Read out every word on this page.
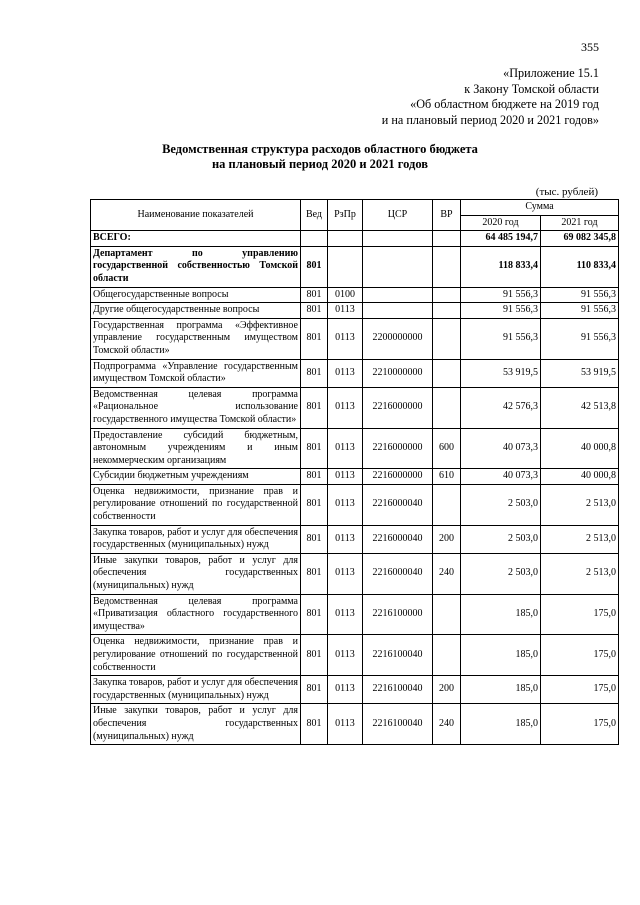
355
«Приложение 15.1
к Закону Томской области
«Об областном бюджете на 2019 год
и на плановый период 2020 и 2021 годов»
Ведомственная структура расходов областного бюджета
на плановый период 2020 и 2021 годов
(тыс. рублей)
Наименование показателей	Вед	РзПр	ЦСР	ВР	Сумма	
					2020 год	2021 год
ВСЕГО:					64 485 194,7	69 082 345,8
Департамент по управлению государственной собственностью Томской области	801				118 833,4	110 833,4
Общегосударственные вопросы	801	0100			91 556,3	91 556,3
Другие общегосударственные вопросы	801	0113			91 556,3	91 556,3
Государственная программа «Эффективное управление государственным имуществом Томской области»	801	0113	2200000000		91 556,3	91 556,3
Подпрограмма «Управление государственным имуществом Томской области»	801	0113	2210000000		53 919,5	53 919,5
Ведомственная целевая программа «Рациональное использование государственного имущества Томской области»	801	0113	2216000000		42 576,3	42 513,8
Предоставление субсидий бюджетным, автономным учреждениям и иным некоммерческим организациям	801	0113	2216000000	600	40 073,3	40 000,8
Субсидии бюджетным учреждениям	801	0113	2216000000	610	40 073,3	40 000,8
Оценка недвижимости, признание прав и регулирование отношений по государственной собственности	801	0113	2216000040		2 503,0	2 513,0
Закупка товаров, работ и услуг для обеспечения государственных (муниципальных) нужд	801	0113	2216000040	200	2 503,0	2 513,0
Иные закупки товаров, работ и услуг для обеспечения государственных (муниципальных) нужд	801	0113	2216000040	240	2 503,0	2 513,0
Ведомственная целевая программа «Приватизация областного государственного имущества»	801	0113	2216100000		185,0	175,0
Оценка недвижимости, признание прав и регулирование отношений по государственной собственности	801	0113	2216100040		185,0	175,0
Закупка товаров, работ и услуг для обеспечения государственных (муниципальных) нужд	801	0113	2216100040	200	185,0	175,0
Иные закупки товаров, работ и услуг для обеспечения государственных (муниципальных) нужд	801	0113	2216100040	240	185,0	175,0
